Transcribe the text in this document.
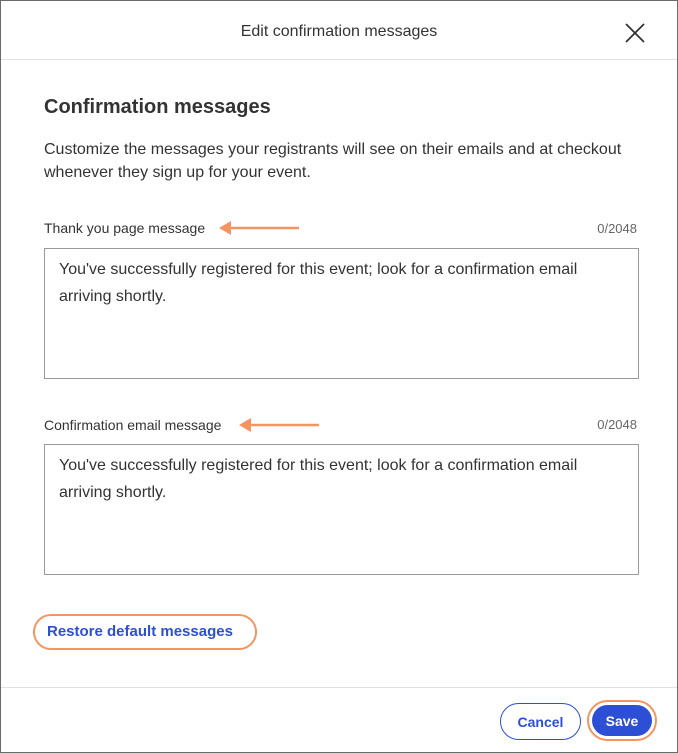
Edit confirmation messages
Confirmation messages
Customize the messages your registrants will see on their emails and at checkout whenever they sign up for your event.
Thank you page message	0/2048
You've successfully registered for this event; look for a confirmation email arriving shortly.
Confirmation email message	0/2048
You've successfully registered for this event; look for a confirmation email arriving shortly.
Restore default messages
Cancel	Save
